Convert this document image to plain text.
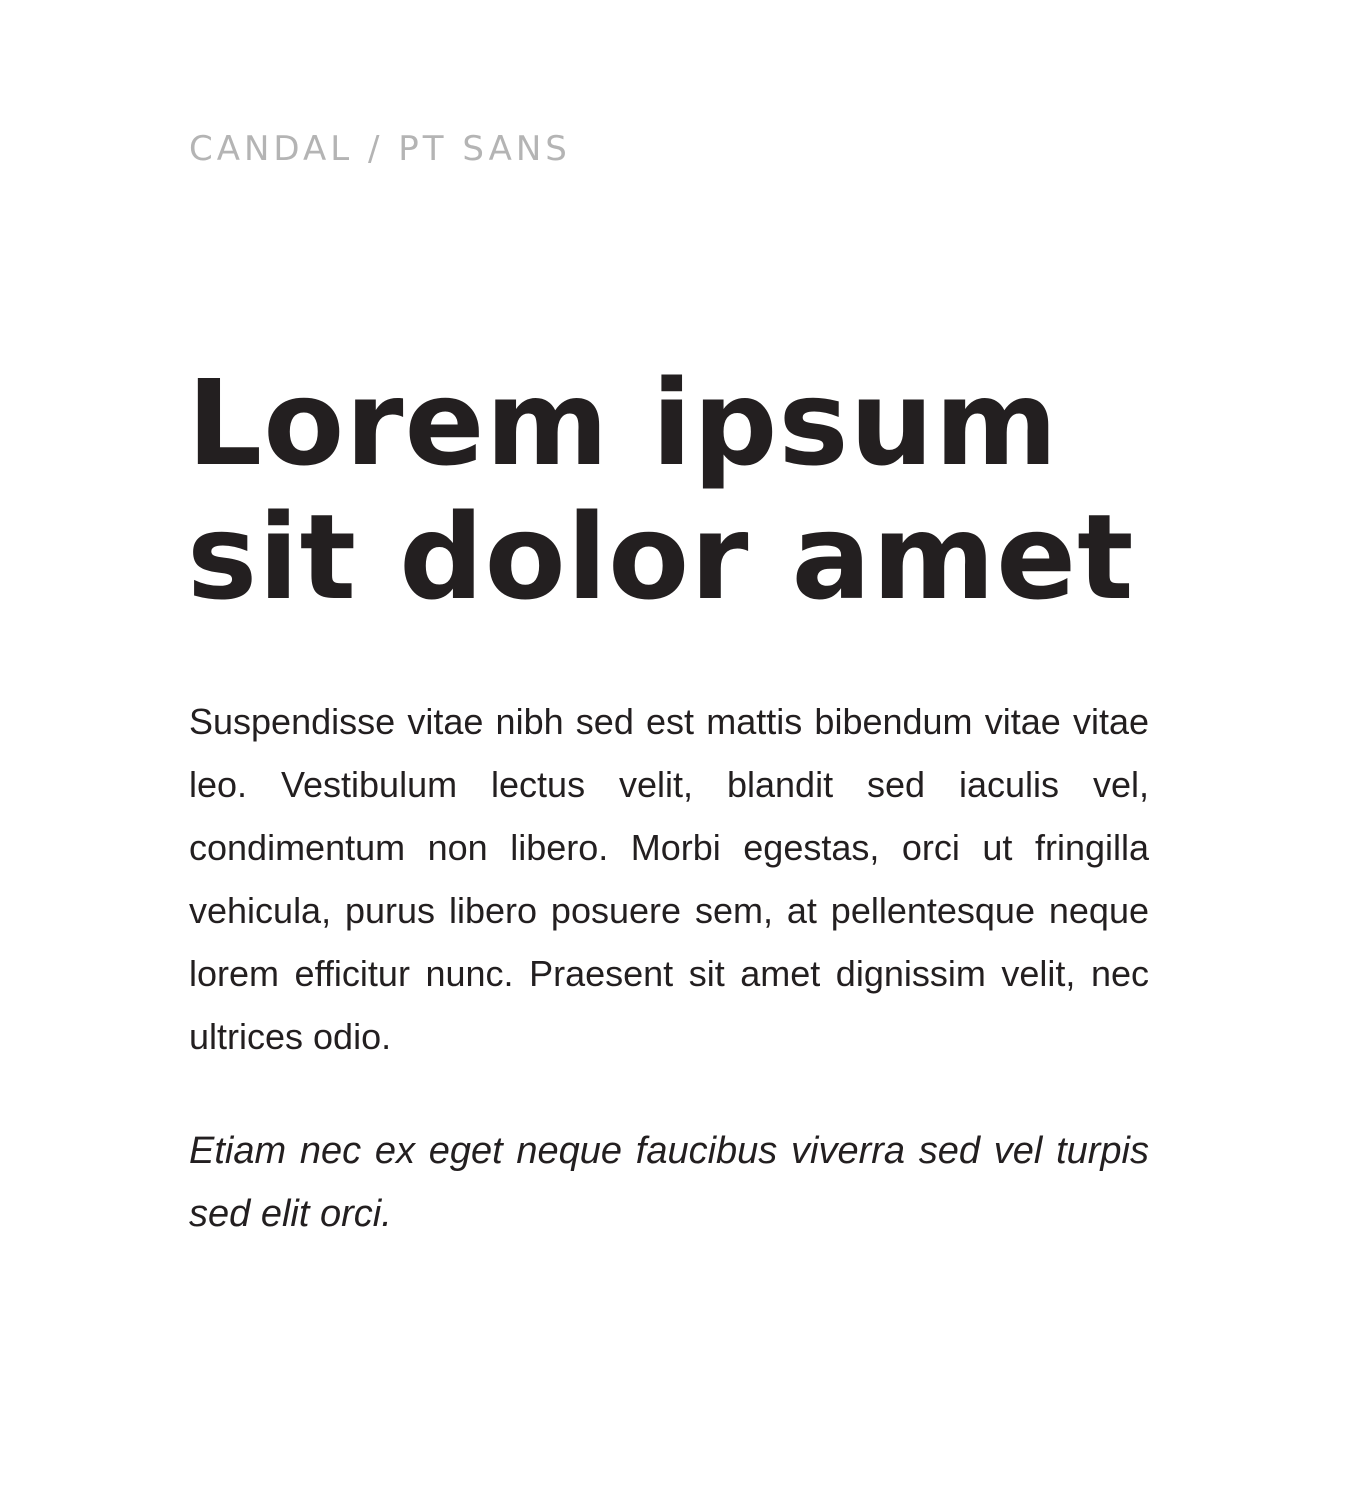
CANDAL / PT SANS

Lorem ipsum
sit dolor amet

Suspendisse vitae nibh sed est mattis bibendum vitae vitae leo. Vestibulum lectus velit, blandit sed iaculis vel, condimentum non libero. Morbi egestas, orci ut fringilla vehicula, purus libero posuere sem, at pellentesque neque lorem efficitur nunc. Praesent sit amet dignissim velit, nec ultrices odio.

Etiam nec ex eget neque faucibus viverra sed vel turpis sed elit orci.
